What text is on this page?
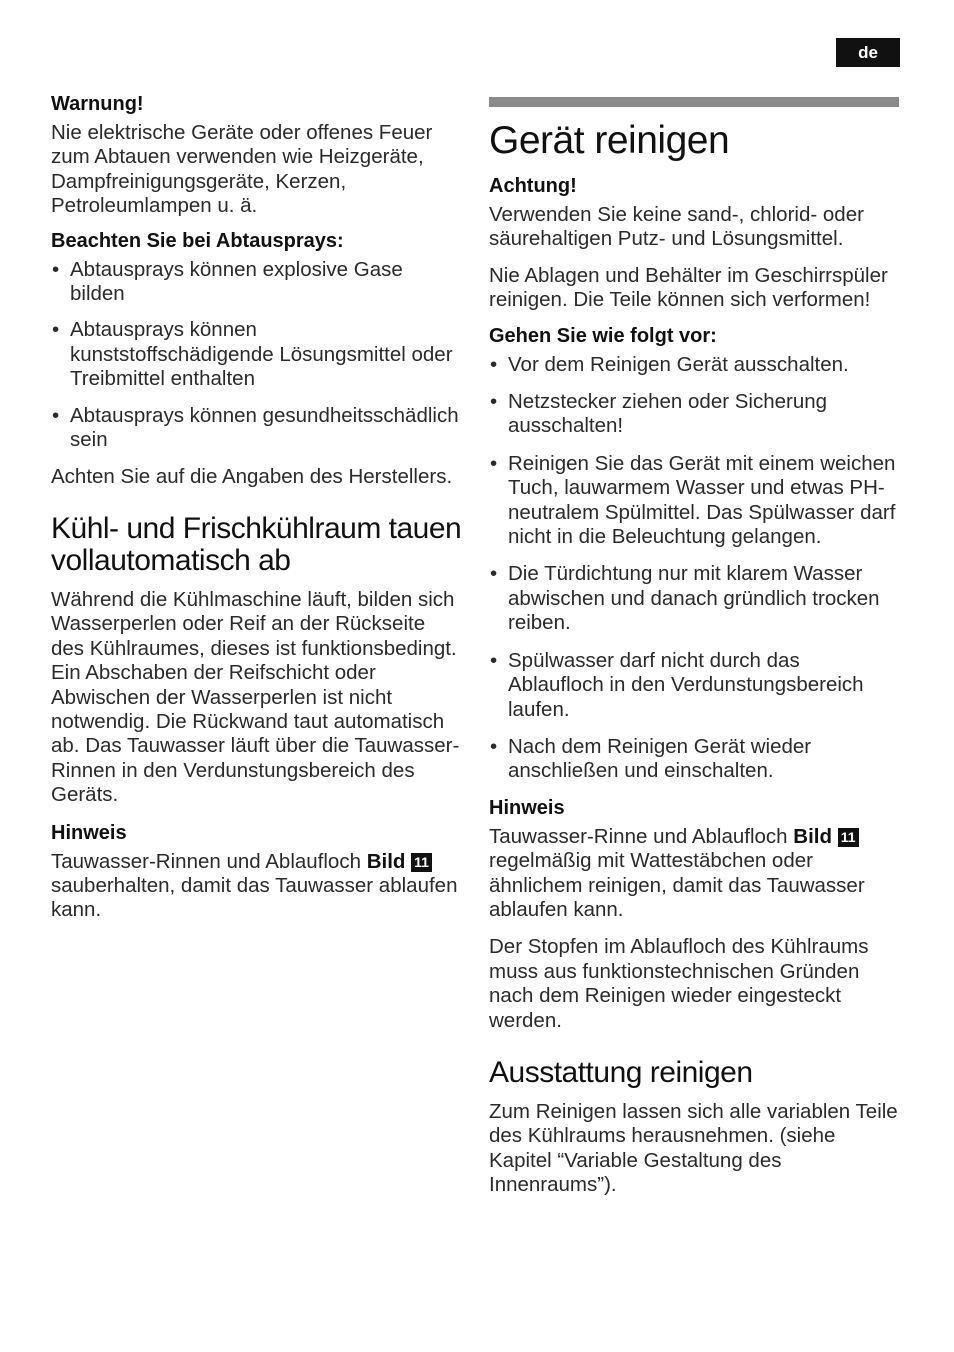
de

Warnung!

Nie elektrische Geräte oder offenes Feuer zum Abtauen verwenden wie Heizgeräte, Dampfreinigungsgeräte, Kerzen, Petroleumlampen u. ä.

Beachten Sie bei Abtausprays:

• Abtausprays können explosive Gase bilden
• Abtausprays können kunststoffschädigende Lösungsmittel oder Treibmittel enthalten
• Abtausprays können gesundheitsschädlich sein

Achten Sie auf die Angaben des Herstellers.

Kühl- und Frischkühlraum tauen vollautomatisch ab

Während die Kühlmaschine läuft, bilden sich Wasserperlen oder Reif an der Rückseite des Kühlraumes, dieses ist funktionsbedingt. Ein Abschaben der Reifschicht oder Abwischen der Wasserperlen ist nicht notwendig. Die Rückwand taut automatisch ab. Das Tauwasser läuft über die Tauwasser-Rinnen in den Verdunstungsbereich des Geräts.

Hinweis

Tauwasser-Rinnen und Ablaufloch Bild 11 sauberhalten, damit das Tauwasser ablaufen kann.

Gerät reinigen

Achtung!

Verwenden Sie keine sand-, chlorid- oder säurehaltigen Putz- und Lösungsmittel.

Nie Ablagen und Behälter im Geschirrspüler reinigen. Die Teile können sich verformen!

Gehen Sie wie folgt vor:

• Vor dem Reinigen Gerät ausschalten.
• Netzstecker ziehen oder Sicherung ausschalten!
• Reinigen Sie das Gerät mit einem weichen Tuch, lauwarmem Wasser und etwas PH-neutralem Spülmittel. Das Spülwasser darf nicht in die Beleuchtung gelangen.
• Die Türdichtung nur mit klarem Wasser abwischen und danach gründlich trocken reiben.
• Spülwasser darf nicht durch das Ablaufloch in den Verdunstungsbereich laufen.
• Nach dem Reinigen Gerät wieder anschließen und einschalten.

Hinweis

Tauwasser-Rinne und Ablaufloch Bild 11 regelmäßig mit Wattestäbchen oder ähnlichem reinigen, damit das Tauwasser ablaufen kann.

Der Stopfen im Ablaufloch des Kühlraums muss aus funktionstechnischen Gründen nach dem Reinigen wieder eingesteckt werden.

Ausstattung reinigen

Zum Reinigen lassen sich alle variablen Teile des Kühlraums herausnehmen. (siehe Kapitel “Variable Gestaltung des Innenraums”).
